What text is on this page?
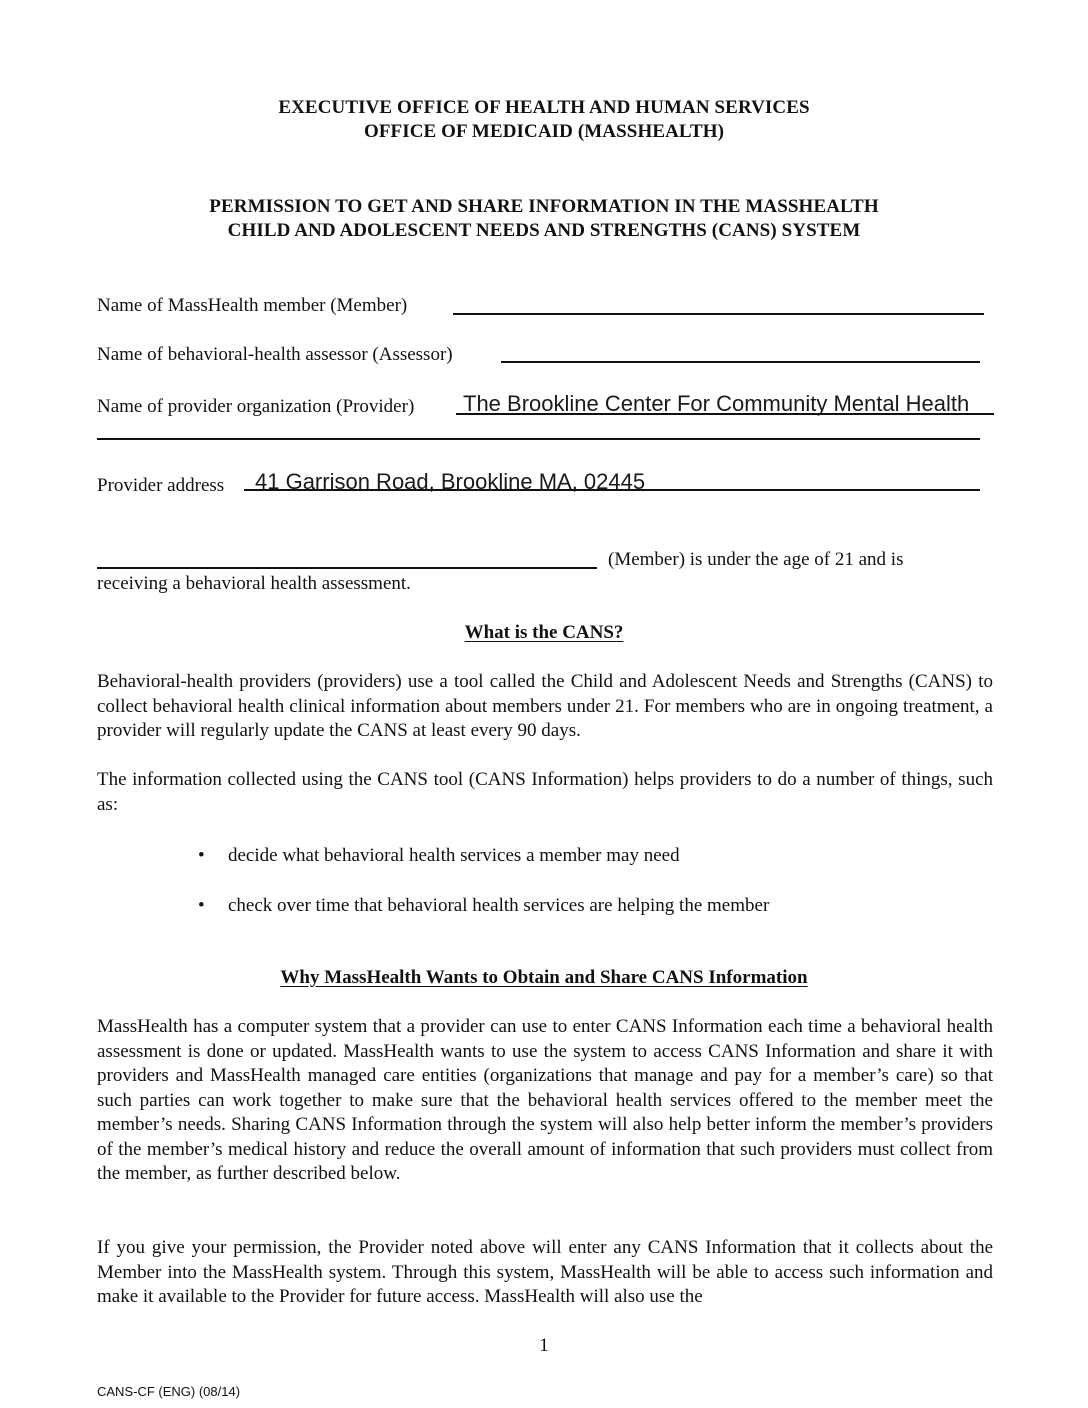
EXECUTIVE OFFICE OF HEALTH AND HUMAN SERVICES
OFFICE OF MEDICAID (MASSHEALTH)
PERMISSION TO GET AND SHARE INFORMATION IN THE MASSHEALTH
CHILD AND ADOLESCENT NEEDS AND STRENGTHS (CANS) SYSTEM
Name of MassHealth member (Member)
Name of behavioral-health assessor (Assessor)
Name of provider organization (Provider) The Brookline Center For Community Mental Health
Provider address 41 Garrison Road, Brookline MA, 02445
(Member) is under the age of 21 and is
receiving a behavioral health assessment.
What is the CANS?
Behavioral-health providers (providers) use a tool called the Child and Adolescent Needs and Strengths (CANS) to collect behavioral health clinical information about members under 21. For members who are in ongoing treatment, a provider will regularly update the CANS at least every 90 days.
The information collected using the CANS tool (CANS Information) helps providers to do a number of things, such as:
• decide what behavioral health services a member may need
• check over time that behavioral health services are helping the member
Why MassHealth Wants to Obtain and Share CANS Information
MassHealth has a computer system that a provider can use to enter CANS Information each time a behavioral health assessment is done or updated. MassHealth wants to use the system to access CANS Information and share it with providers and MassHealth managed care entities (organizations that manage and pay for a member’s care) so that such parties can work together to make sure that the behavioral health services offered to the member meet the member’s needs. Sharing CANS Information through the system will also help better inform the member’s providers of the member’s medical history and reduce the overall amount of information that such providers must collect from the member, as further described below.
If you give your permission, the Provider noted above will enter any CANS Information that it collects about the Member into the MassHealth system. Through this system, MassHealth will be able to access such information and make it available to the Provider for future access. MassHealth will also use the
1
CANS-CF (ENG) (08/14)
